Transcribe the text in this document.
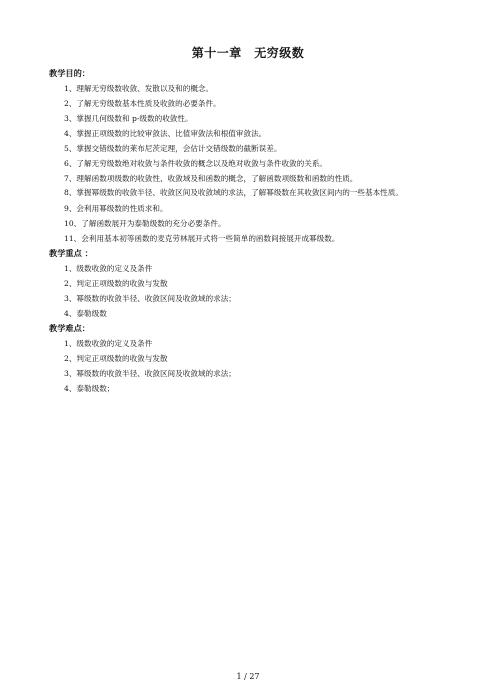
第十一章　无穷级数
教学目的：
1、理解无穷级数收敛、发散以及和的概念。
2、了解无穷级数基本性质及收敛的必要条件。
3、掌握几何级数和 p-级数的收敛性。
4、掌握正项级数的比较审敛法、比值审敛法和根值审敛法。
5、掌握交错级数的莱布尼茨定理，会估计交错级数的截断误差。
6、了解无穷级数绝对收敛与条件收敛的概念以及绝对收敛与条件收敛的关系。
7、理解函数项级数的收敛性、收敛域及和函数的概念，了解函数项级数和函数的性质。
8、掌握幂级数的收敛半径、收敛区间及收敛域的求法，了解幂级数在其收敛区间内的一些基本性质。
9、会利用幂级数的性质求和。
10、了解函数展开为泰勒级数的充分必要条件。
11、会利用基本初等函数的麦克劳林展开式将一些简单的函数间接展开成幂级数。
教学重点 ：
1、级数收敛的定义及条件
2、判定正项级数的收敛与发散
3、幂级数的收敛半径、收敛区间及收敛域的求法；
4、泰勒级数
教学难点：
1、级数收敛的定义及条件
2、判定正项级数的收敛与发散
3、幂级数的收敛半径、收敛区间及收敛域的求法；
4、泰勒级数；
1 / 27
